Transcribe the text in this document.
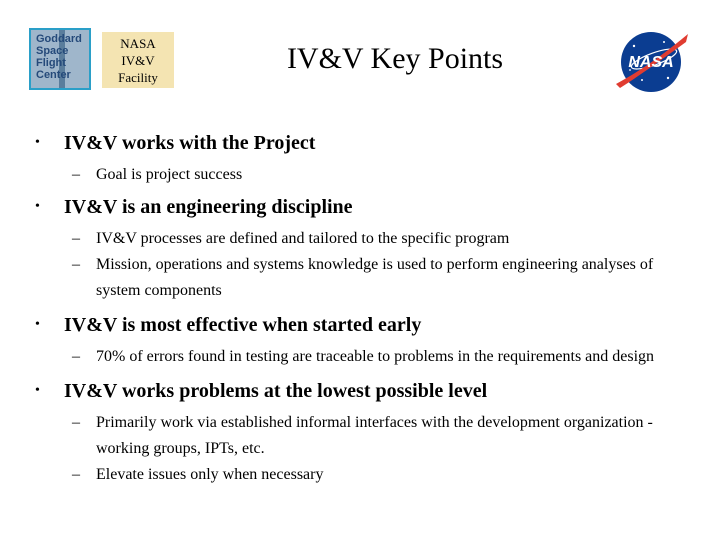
Goddard
Space
Flight
Center
NASA
IV&V
Facility
IV&V Key Points	NASA
• IV&V works with the Project
– Goal is project success
• IV&V is an engineering discipline
– IV&V processes are defined and tailored to the specific program
– Mission, operations and systems knowledge is used to perform engineering analyses of system components
• IV&V is most effective when started early
– 70% of errors found in testing are traceable to problems in the requirements and design
• IV&V works problems at the lowest possible level
– Primarily work via established informal interfaces with the development organization - working groups, IPTs, etc.
– Elevate issues only when necessary
